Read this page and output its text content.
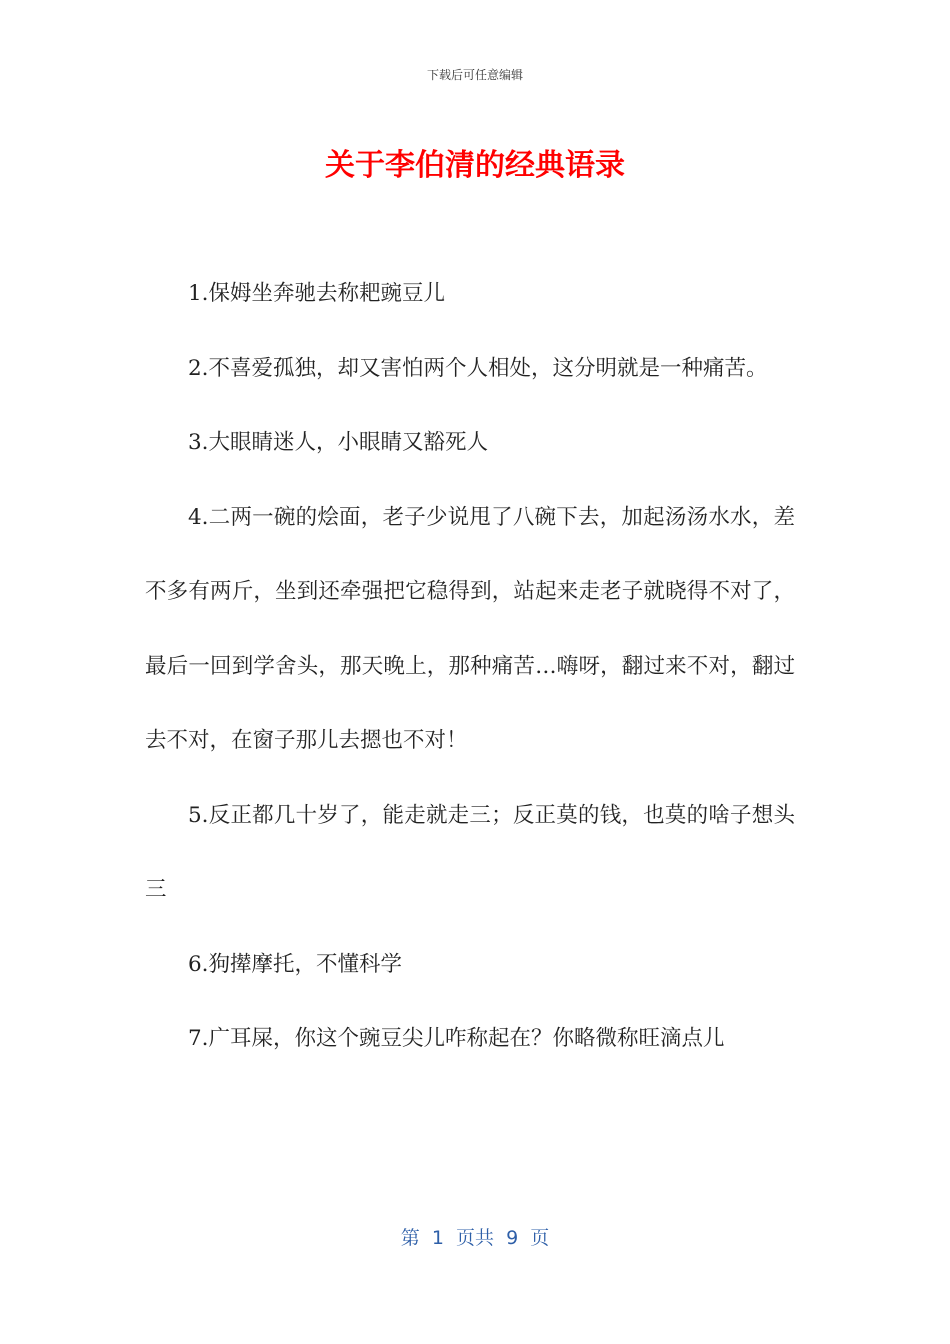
下载后可任意编辑
关于李伯清的经典语录

1.保姆坐奔驰去称耙豌豆儿

2.不喜爱孤独，却又害怕两个人相处，这分明就是一种痛苦。

3.大眼睛迷人，小眼睛又豁死人

4.二两一碗的烩面，老子少说甩了八碗下去，加起汤汤水水，差不多有两斤，坐到还牵强把它稳得到，站起来走老子就晓得不对了，最后一回到学舍头，那天晚上，那种痛苦…嗨呀，翻过来不对，翻过去不对，在窗子那儿去摁也不对！

5.反正都几十岁了，能走就走三；反正莫的钱，也莫的啥子想头三

6.狗撵摩托，不懂科学

7.广耳屎，你这个豌豆尖儿咋称起在？你略微称旺滴点儿

第  1  页共  9  页
